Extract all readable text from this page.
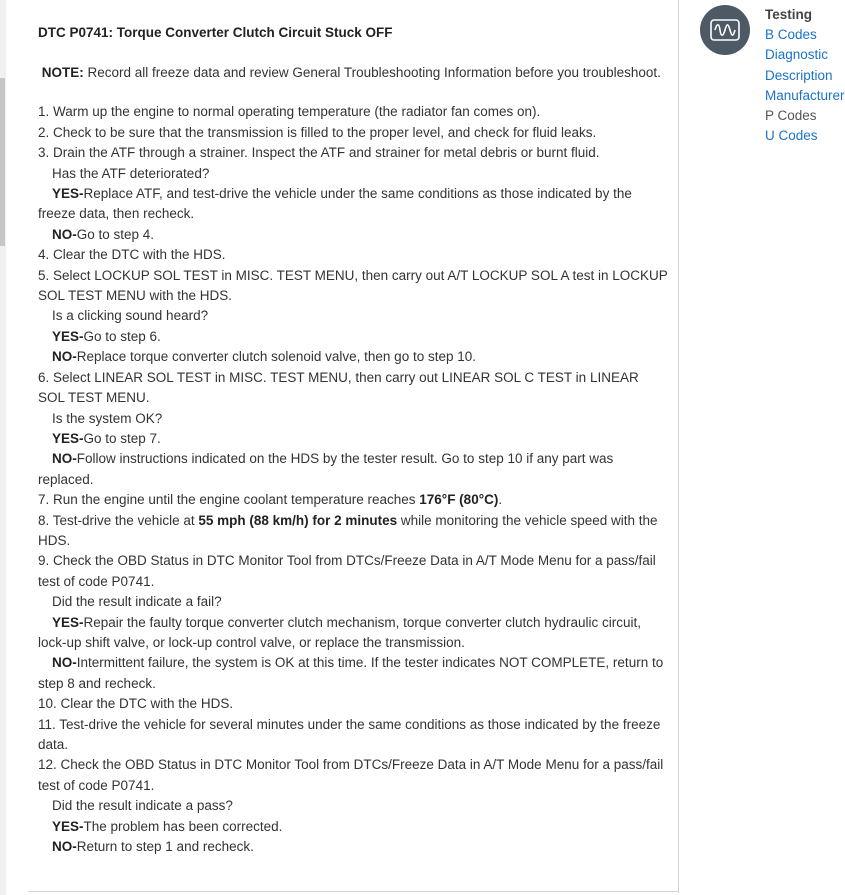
DTC P0741: Torque Converter Clutch Circuit Stuck OFF

NOTE: Record all freeze data and review General Troubleshooting Information before you troubleshoot.

1. Warm up the engine to normal operating temperature (the radiator fan comes on).

2. Check to be sure that the transmission is filled to the proper level, and check for fluid leaks.

3. Drain the ATF through a strainer. Inspect the ATF and strainer for metal debris or burnt fluid.

Has the ATF deteriorated?

YES-Replace ATF, and test-drive the vehicle under the same conditions as those indicated by the freeze data, then recheck.

NO-Go to step 4.

4. Clear the DTC with the HDS.

5. Select LOCKUP SOL TEST in MISC. TEST MENU, then carry out A/T LOCKUP SOL A test in LOCKUP SOL TEST MENU with the HDS.

Is a clicking sound heard?

YES-Go to step 6.

NO-Replace torque converter clutch solenoid valve, then go to step 10.

6. Select LINEAR SOL TEST in MISC. TEST MENU, then carry out LINEAR SOL C TEST in LINEAR SOL TEST MENU.

Is the system OK?

YES-Go to step 7.

NO-Follow instructions indicated on the HDS by the tester result. Go to step 10 if any part was replaced.

7. Run the engine until the engine coolant temperature reaches 176°F (80°C).

8. Test-drive the vehicle at 55 mph (88 km/h) for 2 minutes while monitoring the vehicle speed with the HDS.

9. Check the OBD Status in DTC Monitor Tool from DTCs/Freeze Data in A/T Mode Menu for a pass/fail test of code P0741.

Did the result indicate a fail?

YES-Repair the faulty torque converter clutch mechanism, torque converter clutch hydraulic circuit, lock-up shift valve, or lock-up control valve, or replace the transmission.

NO-Intermittent failure, the system is OK at this time. If the tester indicates NOT COMPLETE, return to step 8 and recheck.

10. Clear the DTC with the HDS.

11. Test-drive the vehicle for several minutes under the same conditions as those indicated by the freeze data.

12. Check the OBD Status in DTC Monitor Tool from DTCs/Freeze Data in A/T Mode Menu for a pass/fail test of code P0741.

Did the result indicate a pass?

YES-The problem has been corrected.

NO-Return to step 1 and recheck.

Testing
B Codes
Diagnostic
Description
Manufacturer
P Codes
U Codes
